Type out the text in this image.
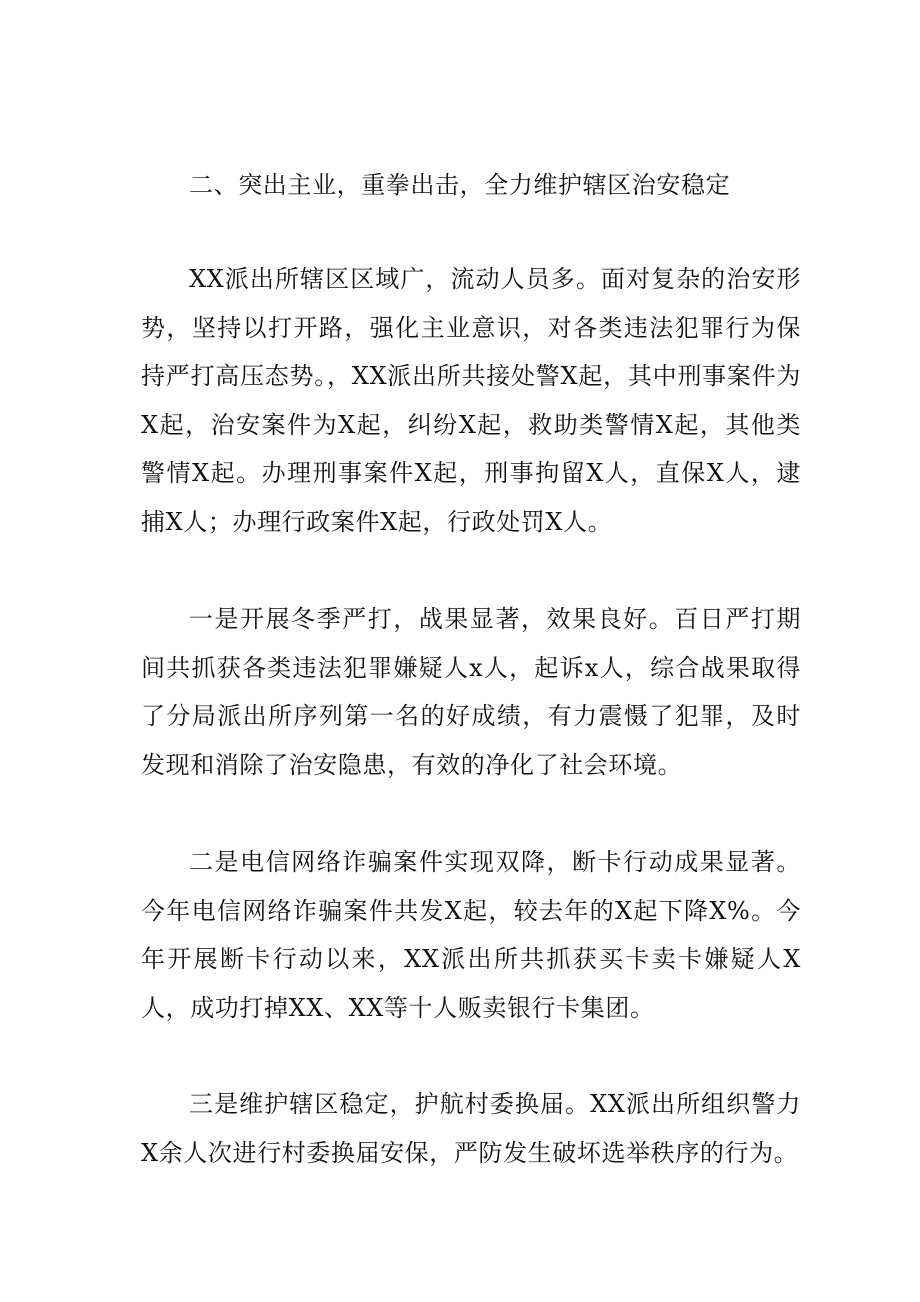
二、突出主业，重拳出击，全力维护辖区治安稳定

XX派出所辖区区域广，流动人员多。面对复杂的治安形势，坚持以打开路，强化主业意识，对各类违法犯罪行为保持严打高压态势。，XX派出所共接处警X起，其中刑事案件为X起，治安案件为X起，纠纷X起，救助类警情X起，其他类警情X起。办理刑事案件X起，刑事拘留X人，直保X人，逮捕X人；办理行政案件X起，行政处罚X人。

一是开展冬季严打，战果显著，效果良好。百日严打期间共抓获各类违法犯罪嫌疑人x人，起诉x人，综合战果取得了分局派出所序列第一名的好成绩，有力震慑了犯罪，及时发现和消除了治安隐患，有效的净化了社会环境。

二是电信网络诈骗案件实现双降，断卡行动成果显著。今年电信网络诈骗案件共发X起，较去年的X起下降X%。今年开展断卡行动以来，XX派出所共抓获买卡卖卡嫌疑人X人，成功打掉XX、XX等十人贩卖银行卡集团。

三是维护辖区稳定，护航村委换届。XX派出所组织警力X余人次进行村委换届安保，严防发生破坏选举秩序的行为。
